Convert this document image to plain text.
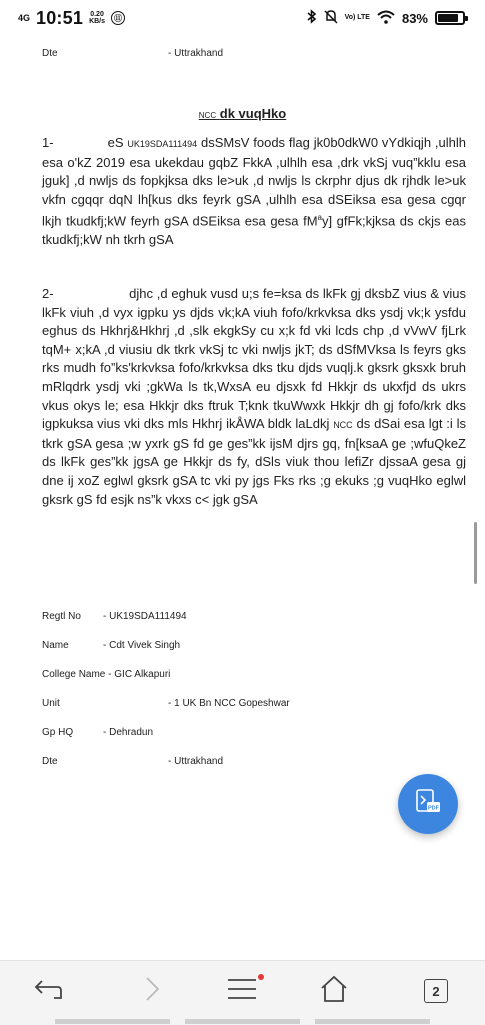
4G 10:51 0.20
KB/s	⑪	Vo) LTE 83%
Dte	- Uttrakhand
NCC dk vuqHko
1-	eS UK19SDA111494 dsSMsV foods flag jk0b0dkW0 vYdkiqjh ,ulhlh esa o'kZ 2019 esa ukekdau gqbZ FkkA ,ulhlh esa ,drk vkSj vuq”kklu esa jguk] ,d nwljs ds fopkjksa dks le>uk ,d nwljs ls ckrphr djus dk rjhdk le>uk vkfn cgqqr dqN lh[kus dks feyrk gSA ,ulhlh esa dSEiksa esa gesa cgqr lkjh tkudkfj;kW feyrh gSA dSEiksa esa gesa $fM^ay$] gfFk;kjksa ds ckjs eas tkudkfj;kW nh tkrh gSA
2-	djhc ,d eghuk vusd u;s fe=ksa ds lkFk gj dksbZ vius & vius lkFk viuh ,d vyx igpku ys djds vk;kA viuh fofo/krkvksa dks ysdj vk;k ysfdu eghus ds Hkhrj&Hkhrj ,d ,slk ekgkSy cu x;k fd vki lcds chp ,d vVwV fjLrk tqM+ x;kA ,d viusiu dk tkrk vkSj tc vki nwljs jkT; ds dSfMVksa ls feyrs gks rks mudh fo”ks'krkvksa fofo/krkvksa dks tku djds vuqlj.k gksrk gksxk bruh mRlqdrk ysdj vki ;gkWa ls tk,WxsA eu djsxk fd Hkkjr ds ukxfjd ds ukrs vkus okys le; esa Hkkjr dks ftruk T;knk tkuWwxk Hkkjr dh gj fofo/krk dks igpkuksa vius vki dks mls Hkhrj ikÅWA bldk laLdkj NCC ds dSai esa lgt :i ls tkrk gSA gesa ;w yxrk gS fd ge ges”kk ijsM djrs gq, fn[ksaA ge ;wfuQkeZ ds lkFk ges”kk jgsA ge Hkkjr ds fy, dSls viuk thou lefiZr djssaA gesa gj dne ij xoZ eglwl gksrk gSA tc vki py jgs Fks rks ;g ekuks ;g vuqHko eglwl gksrk gS fd esjk ns”k vkxs c< jgk gSA
Regtl No - UK19SDA111494
Name	- Cdt Vivek Singh
College Name - GIC Alkapuri
Unit	- 1 UK Bn NCC Gopeshwar
Gp HQ	- Dehradun
Dte	- Uttrakhand
PDF
2
